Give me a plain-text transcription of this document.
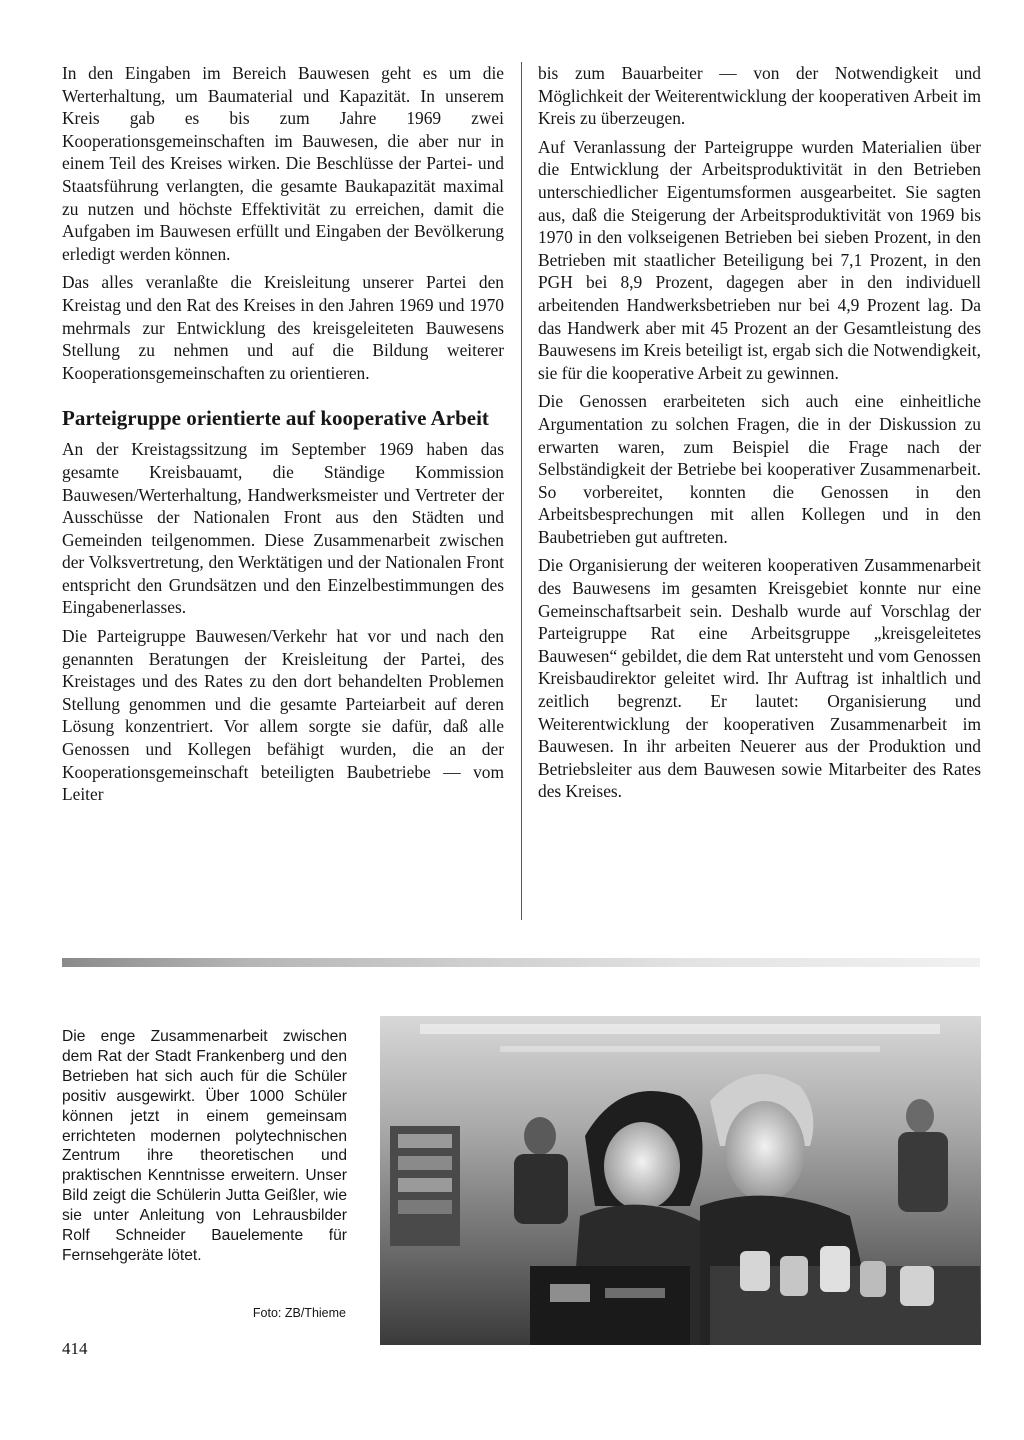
In den Eingaben im Bereich Bauwesen geht es um die Werterhaltung, um Baumaterial und Kapazität. In unserem Kreis gab es bis zum Jahre 1969 zwei Kooperationsgemeinschaften im Bauwesen, die aber nur in einem Teil des Kreises wirken. Die Beschlüsse der Partei- und Staatsführung verlangten, die gesamte Baukapazität maximal zu nutzen und höchste Effektivität zu erreichen, damit die Aufgaben im Bauwesen erfüllt und Eingaben der Bevölkerung erledigt werden können.

Das alles veranlaßte die Kreisleitung unserer Partei den Kreistag und den Rat des Kreises in den Jahren 1969 und 1970 mehrmals zur Entwicklung des kreisgeleiteten Bauwesens Stellung zu nehmen und auf die Bildung weiterer Kooperationsgemeinschaften zu orientieren.

Parteigruppe orientierte auf kooperative Arbeit

An der Kreistagssitzung im September 1969 haben das gesamte Kreisbauamt, die Ständige Kommission Bauwesen/Werterhaltung, Handwerksmeister und Vertreter der Ausschüsse der Nationalen Front aus den Städten und Gemeinden teilgenommen. Diese Zusammenarbeit zwischen der Volksvertretung, den Werktätigen und der Nationalen Front entspricht den Grundsätzen und den Einzelbestimmungen des Eingabenerlasses.

Die Parteigruppe Bauwesen/Verkehr hat vor und nach den genannten Beratungen der Kreisleitung der Partei, des Kreistages und des Rates zu den dort behandelten Problemen Stellung genommen und die gesamte Parteiarbeit auf deren Lösung konzentriert. Vor allem sorgte sie dafür, daß alle Genossen und Kollegen befähigt wurden, die an der Kooperationsgemeinschaft beteiligten Baubetriebe — vom Leiter

bis zum Bauarbeiter — von der Notwendigkeit und Möglichkeit der Weiterentwicklung der kooperativen Arbeit im Kreis zu überzeugen.

Auf Veranlassung der Parteigruppe wurden Materialien über die Entwicklung der Arbeitsproduktivität in den Betrieben unterschiedlicher Eigentumsformen ausgearbeitet. Sie sagten aus, daß die Steigerung der Arbeitsproduktivität von 1969 bis 1970 in den volkseigenen Betrieben bei sieben Prozent, in den Betrieben mit staatlicher Beteiligung bei 7,1 Prozent, in den PGH bei 8,9 Prozent, dagegen aber in den individuell arbeitenden Handwerksbetrieben nur bei 4,9 Prozent lag. Da das Handwerk aber mit 45 Prozent an der Gesamtleistung des Bauwesens im Kreis beteiligt ist, ergab sich die Notwendigkeit, sie für die kooperative Arbeit zu gewinnen.

Die Genossen erarbeiteten sich auch eine einheitliche Argumentation zu solchen Fragen, die in der Diskussion zu erwarten waren, zum Beispiel die Frage nach der Selbständigkeit der Betriebe bei kooperativer Zusammenarbeit. So vorbereitet, konnten die Genossen in den Arbeitsbesprechungen mit allen Kollegen und in den Baubetrieben gut auftreten.

Die Organisierung der weiteren kooperativen Zusammenarbeit des Bauwesens im gesamten Kreisgebiet konnte nur eine Gemeinschaftsarbeit sein. Deshalb wurde auf Vorschlag der Parteigruppe Rat eine Arbeitsgruppe „kreisgeleitetes Bauwesen“ gebildet, die dem Rat untersteht und vom Genossen Kreisbaudirektor geleitet wird. Ihr Auftrag ist inhaltlich und zeitlich begrenzt. Er lautet: Organisierung und Weiterentwicklung der kooperativen Zusammenarbeit im Bauwesen. In ihr arbeiten Neuerer aus der Produktion und Betriebsleiter aus dem Bauwesen sowie Mitarbeiter des Rates des Kreises.

Die enge Zusammenarbeit zwischen dem Rat der Stadt Frankenberg und den Betrieben hat sich auch für die Schüler positiv ausgewirkt. Über 1000 Schüler können jetzt in einem gemeinsam errichteten modernen polytechnischen Zentrum ihre theoretischen und praktischen Kenntnisse erweitern. Unser Bild zeigt die Schülerin Jutta Geißler, wie sie unter Anleitung von Lehrausbilder Rolf Schneider Bauelemente für Fernsehgeräte lötet.

Foto: ZB/Thieme
414
